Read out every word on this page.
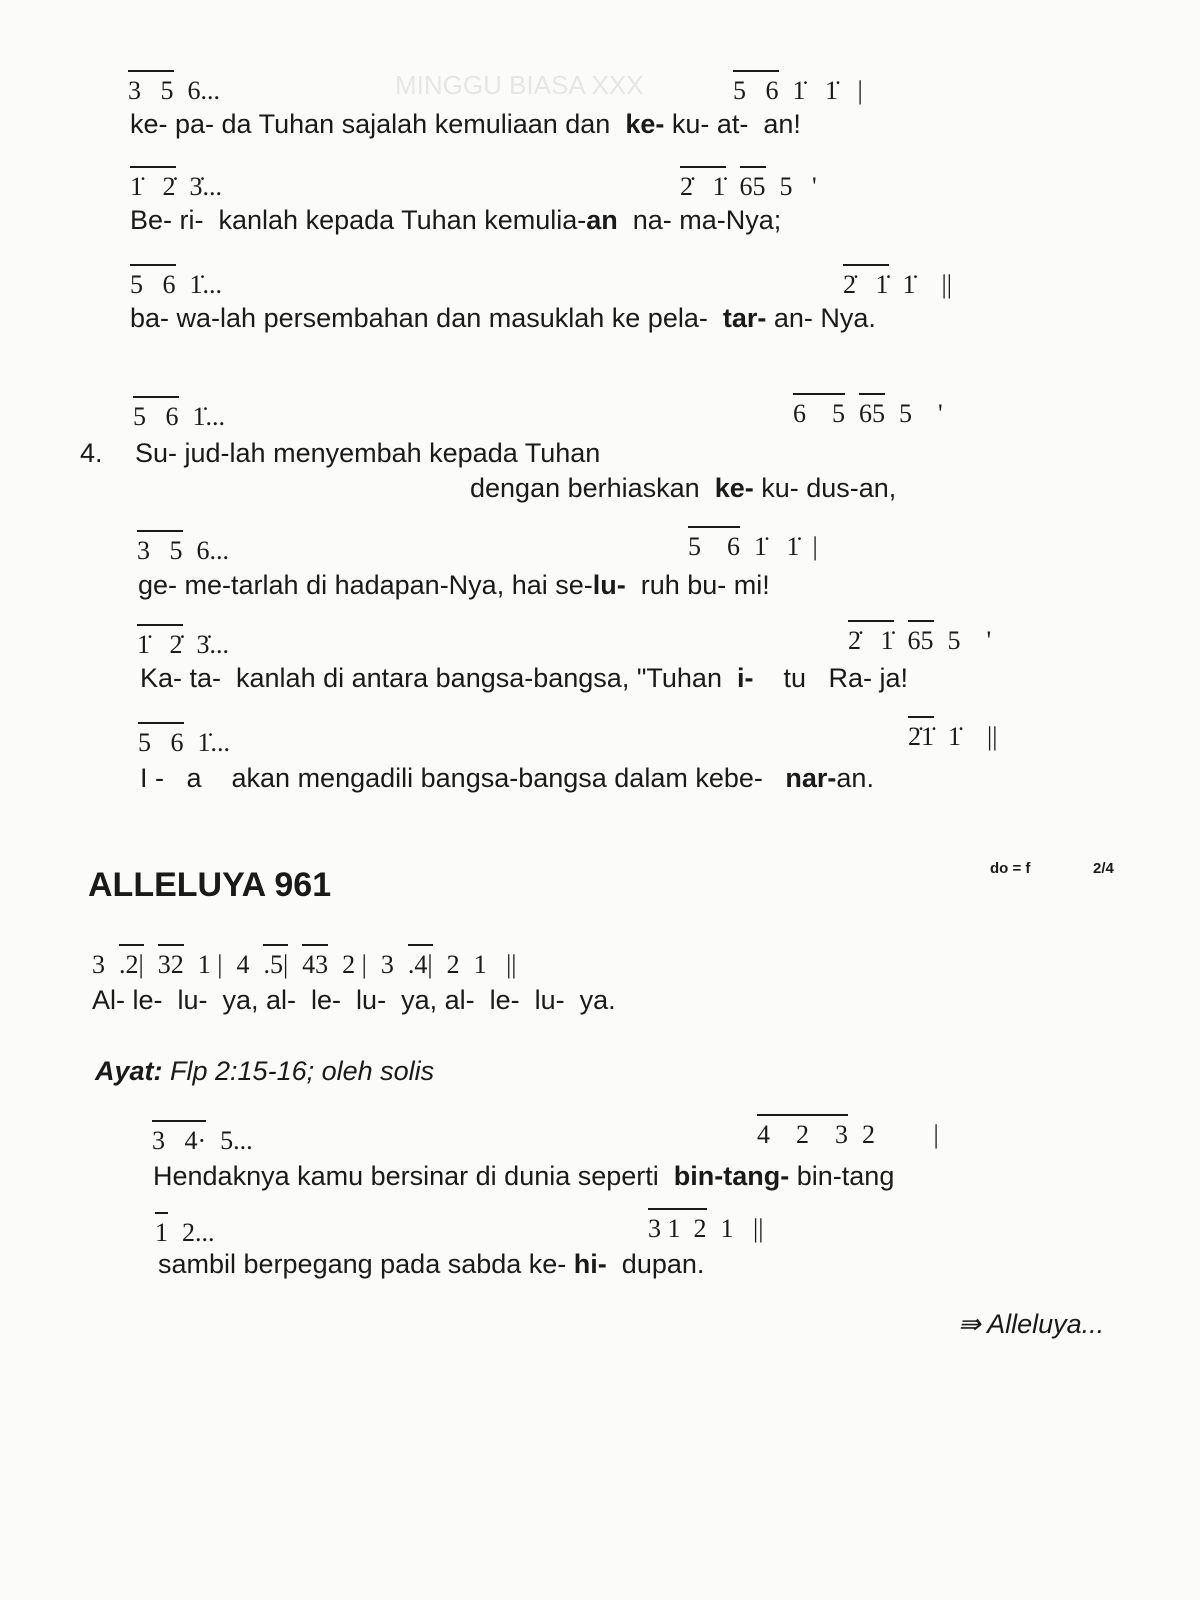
MINGGU BIASA XXX
3   5 6...	5   6 1̇   1̇   |
ke- pa- da Tuhan sajalah kemuliaan dan  ke- ku- at-  an!
1̇   2̇ 3̇...	2̇   1̇ 65 5   '
Be- ri-  kanlah kepada Tuhan kemulia-an  na- ma-Nya;
5   6 1̇...	2̇   1̇ 1̇    ||
ba- wa-lah persembahan dan masuklah ke pela-  tar- an- Nya.
5   6 1̇...	6    5 65 5    '
4. Su- jud-lah menyembah kepada Tuhan
dengan berhiaskan  ke- ku- dus-an,
3   5 6...	5    6 1̇   1̇  |
ge- me-tarlah di hadapan-Nya, hai se-lu-  ruh bu- mi!
1̇   2̇ 3̇...	2̇   1̇ 65 5    '
Ka- ta-  kanlah di antara bangsa-bangsa, "Tuhan  i-    tu   Ra- ja!
5   6 1̇...	2̇1̇ 1̇    ||
I -   a    akan mengadili bangsa-bangsa dalam kebe-   nar-an.
ALLELUYA 961	do = f	2/4
3 .2| 32 1 | 4 .5| 43 2 | 3 .4| 2 1   ||
Al- le-  lu-  ya, al-  le-  lu-  ya, al-  le-  lu-  ya.
Ayat: Flp 2:15-16; oleh solis
3   4· 5...	4    2    3 2         |
Hendaknya kamu bersinar di dunia seperti  bin-tang- bin-tang
1 2...	3 1  2 1   ||
sambil berpegang pada sabda ke- hi-  dupan.
⇛ Alleluya...
